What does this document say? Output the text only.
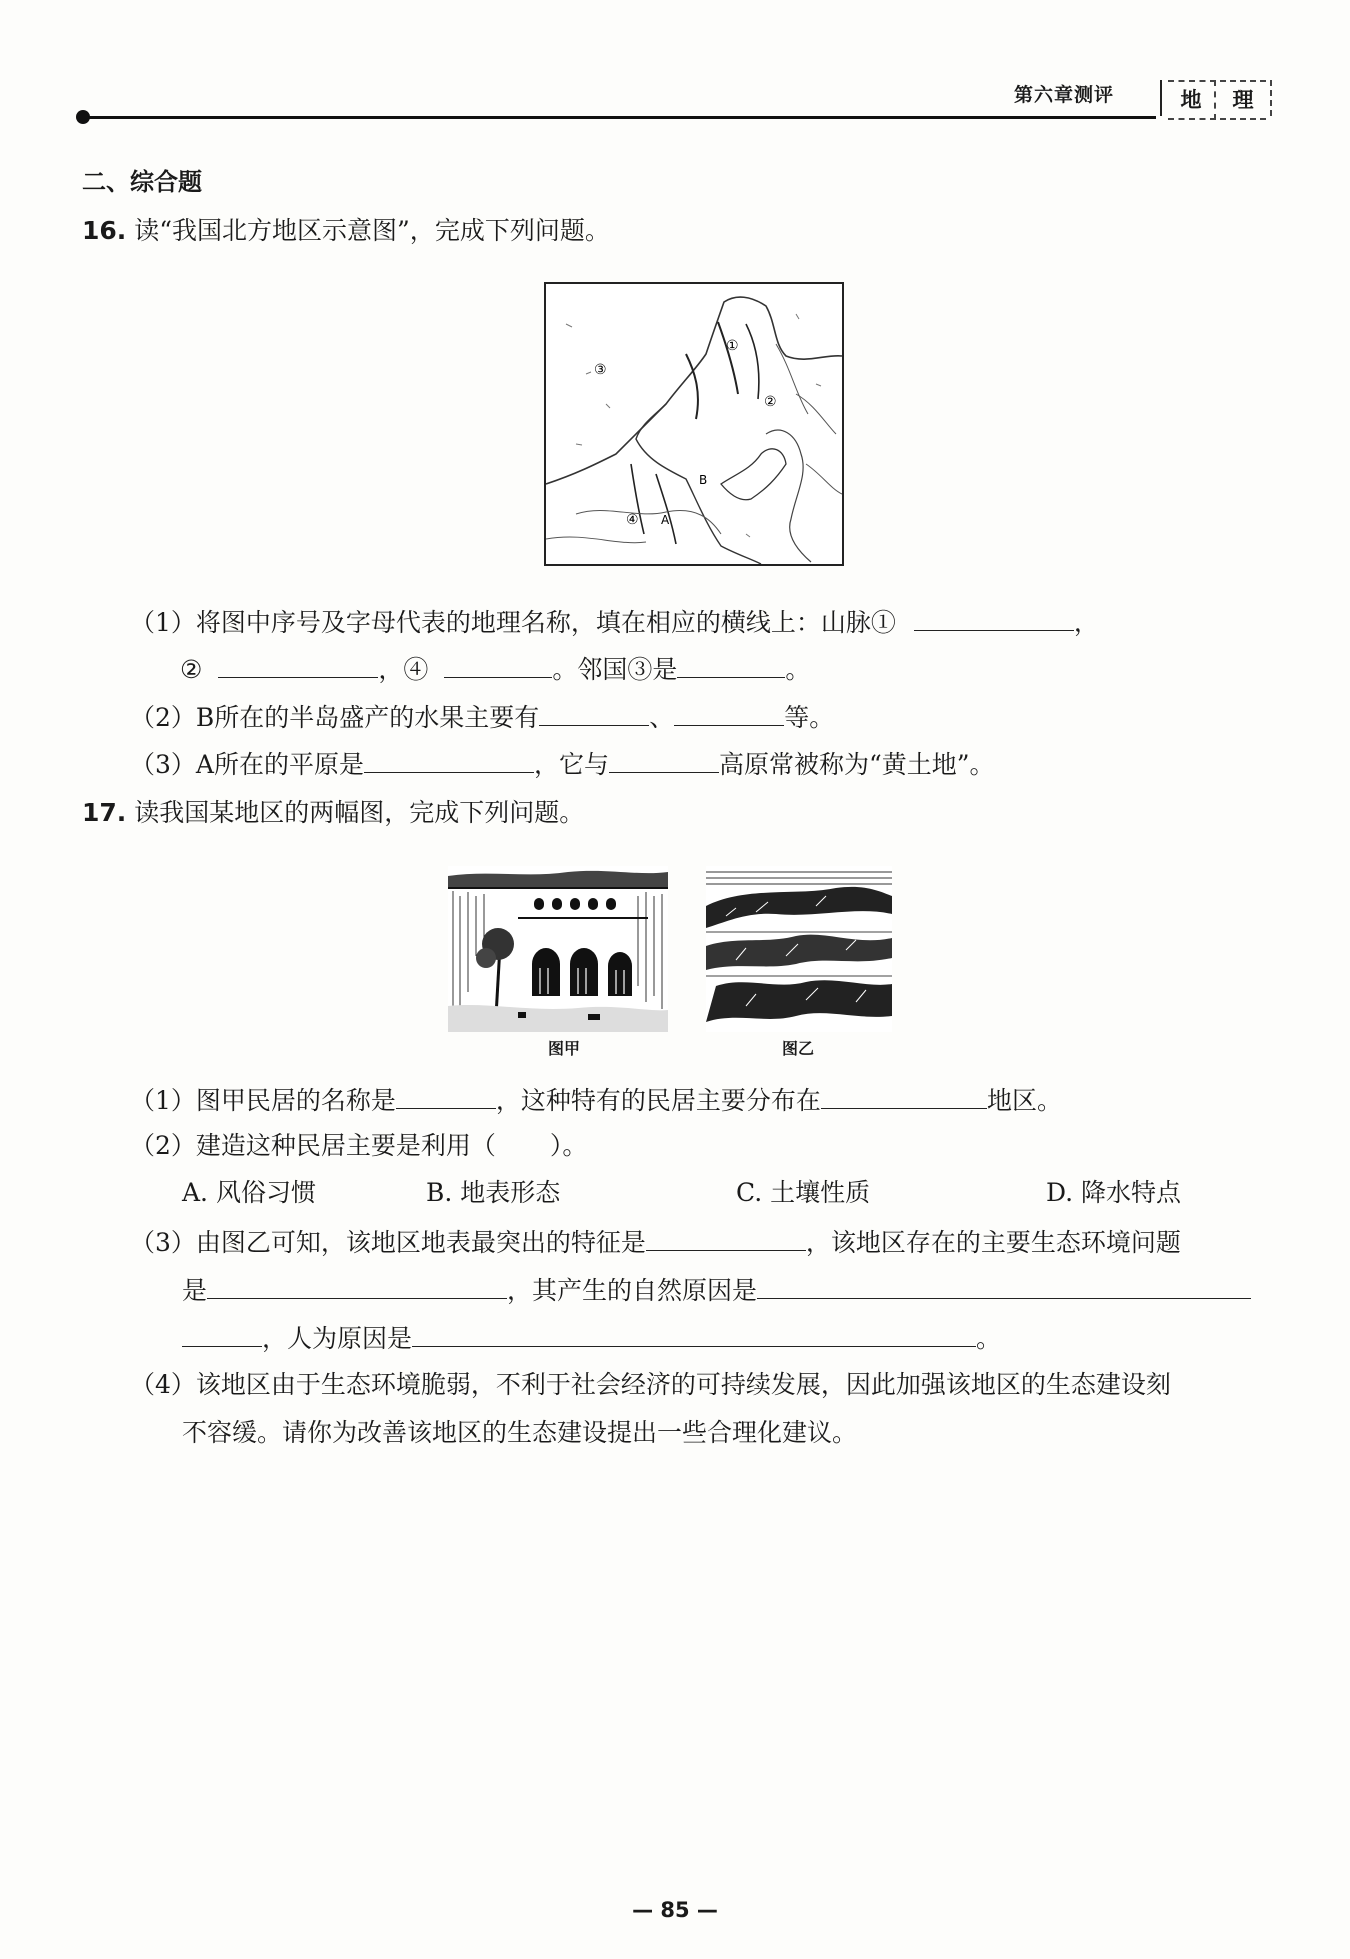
第六章测评	地	理
二、综合题
16. 读“我国北方地区示意图”，完成下列问题。
③
①
②
④
B
A
（1）将图中序号及字母代表的地理名称，填在相应的横线上：山脉①	，
②	，④	。邻国③是	。
（2）B所在的半岛盛产的水果主要有	、	等。
（3）A所在的平原是	，它与	高原常被称为“黄土地”。
17. 读我国某地区的两幅图，完成下列问题。
图甲	图乙
（1）图甲民居的名称是	，这种特有的民居主要分布在	地区。
（2）建造这种民居主要是利用（ ）。
A. 风俗习惯	B. 地表形态	C. 土壤性质	D. 降水特点
（3）由图乙可知，该地区地表最突出的特征是	，该地区存在的主要生态环境问题
是	，其产生的自然原因是
，人为原因是	。
（4）该地区由于生态环境脆弱，不利于社会经济的可持续发展，因此加强该地区的生态建设刻
不容缓。请你为改善该地区的生态建设提出一些合理化建议。
— 85 —
